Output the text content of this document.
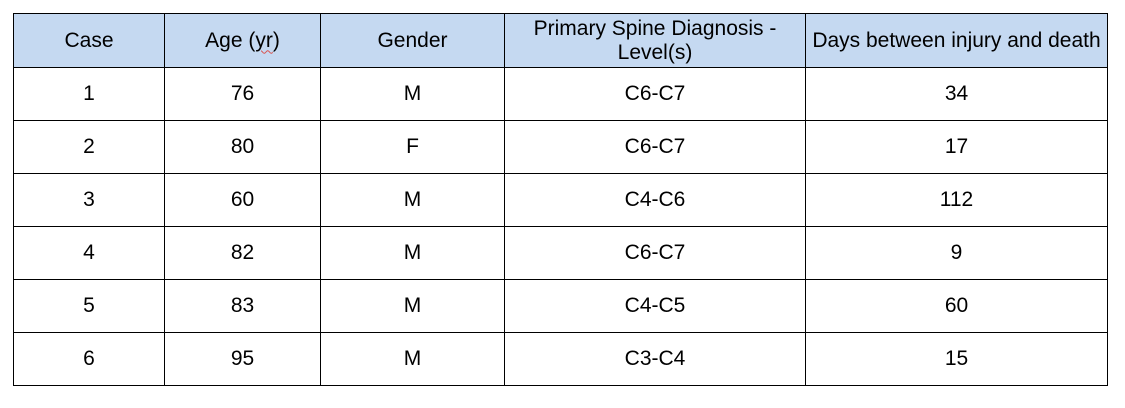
Case	Age (yr)	Gender	Primary Spine Diagnosis - Level(s)	Days between injury and death
1	76	M	C6-C7	34
2	80	F	C6-C7	17
3	60	M	C4-C6	112
4	82	M	C6-C7	9
5	83	M	C4-C5	60
6	95	M	C3-C4	15
